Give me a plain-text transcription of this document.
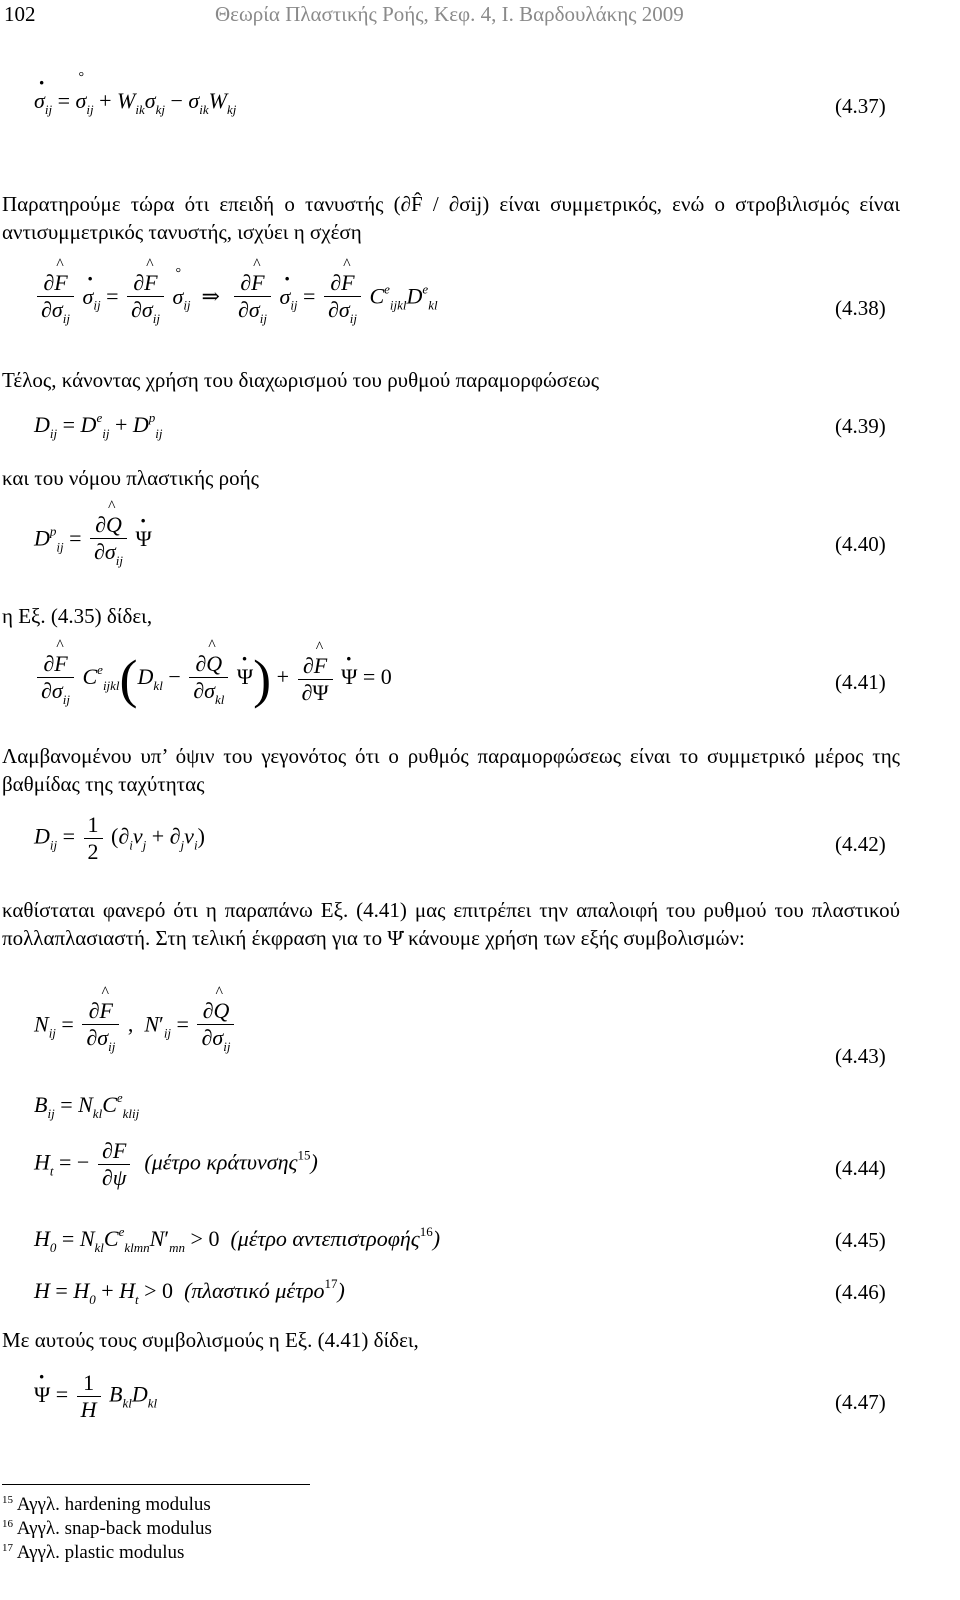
102	Θεωρία Πλαστικής Ροής, Κεφ. 4, Ι. Βαρδουλάκης 2009
· $\sigma_{ij}$ = ° $\sigma_{ij} + W_{ik}\sigma_{kj} - \sigma_{ik}W_{kj}$	(4.37)
Παρατηρούμε τώρα ότι επειδή ο τανυστής (∂F̂ / ∂σij) είναι συμμετρικός, ενώ ο στροβιλισμός είναι αντισυμμετρικός τανυστής, ισχύει η σχέση
$\frac{\partial\^{} F}{\partial\sigma_{ij}}$
· $\sigma_{ij} = \frac{\partial\^{} F}{\partial\sigma_{ij}}$
° $\sigma_{ij}$  ⇒ $\frac{\partial\^{} F}{\partial\sigma_{ij}}$
· $\sigma_{ij} = \frac{\partial\^{} F}{\partial\sigma_{ij}} C^e_{ijkl}D^e_{kl}$	(4.38)
Τέλος, κάνοντας χρήση του διαχωρισμού του ρυθμού παραμορφώσεως
$D_{ij} = D^e_{ij} + D^p_{ij}$	(4.39)
και του νόμου πλαστικής ροής
$D^p_{ij} = \frac{\partial\^{} Q}{\partial\sigma_{ij}}$
· Ψ	(4.40)
η Εξ. (4.35) δίδει,
$\frac{\partial\^{} F}{\partial\sigma_{ij}} C^e_{ijkl}(D_{kl} - \frac{\partial\^{} Q}{\partial\sigma_{kl}}$
· $\Psi) + \frac{\partial\^{} F}{\partial\Psi}$
· Ψ = 0	(4.41)
Λαμβανομένου υπ’ όψιν του γεγονότος ότι ο ρυθμός παραμορφώσεως είναι το συμμετρικό μέρος της βαθμίδας της ταχύτητας
$D_{ij} = \frac{1}{2} (\partial_iv_j + \partial_jv_i)$	(4.42)
καθίσταται φανερό ότι η παραπάνω Εξ. (4.41) μας επιτρέπει την απαλοιφή του ρυθμού του πλαστικού πολλαπλασιαστή. Στη τελική έκφραση για το Ψ̇ κάνουμε χρήση των εξής συμβολισμών:
$N_{ij} = \frac{\partial\^{} F}{\partial\sigma_{ij}}$ ,  $N'_{ij} = \frac{\partial\^{} Q}{\partial\sigma_{ij}}$
$B_{ij} = N_{kl}C^e_{klij}$
(4.43)
$H_t$ = − $\frac{\partial F}{\partial\psi} (\mu έ\tau\rho o$ κράτυνσης$^{15}$)	(4.44)
$H_0 = N_{kl}C^e_{klmn}N'_{mn} > 0$  (μέτρο αντεπιστροφής$^{16}$)	(4.45)
$H = H_0 + H_t > 0$  (πλαστικό μέτρο$^{17}$)	(4.46)
Με αυτούς τους συμβολισμούς η Εξ. (4.41) δίδει,
· $\Psi = \frac{1}{H} B_{kl}D_{kl}$	(4.47)
$^{15}$ Αγγλ. hardening modulus
$^{16}$ Αγγλ. snap-back modulus
$^{17}$ Αγγλ. plastic modulus
